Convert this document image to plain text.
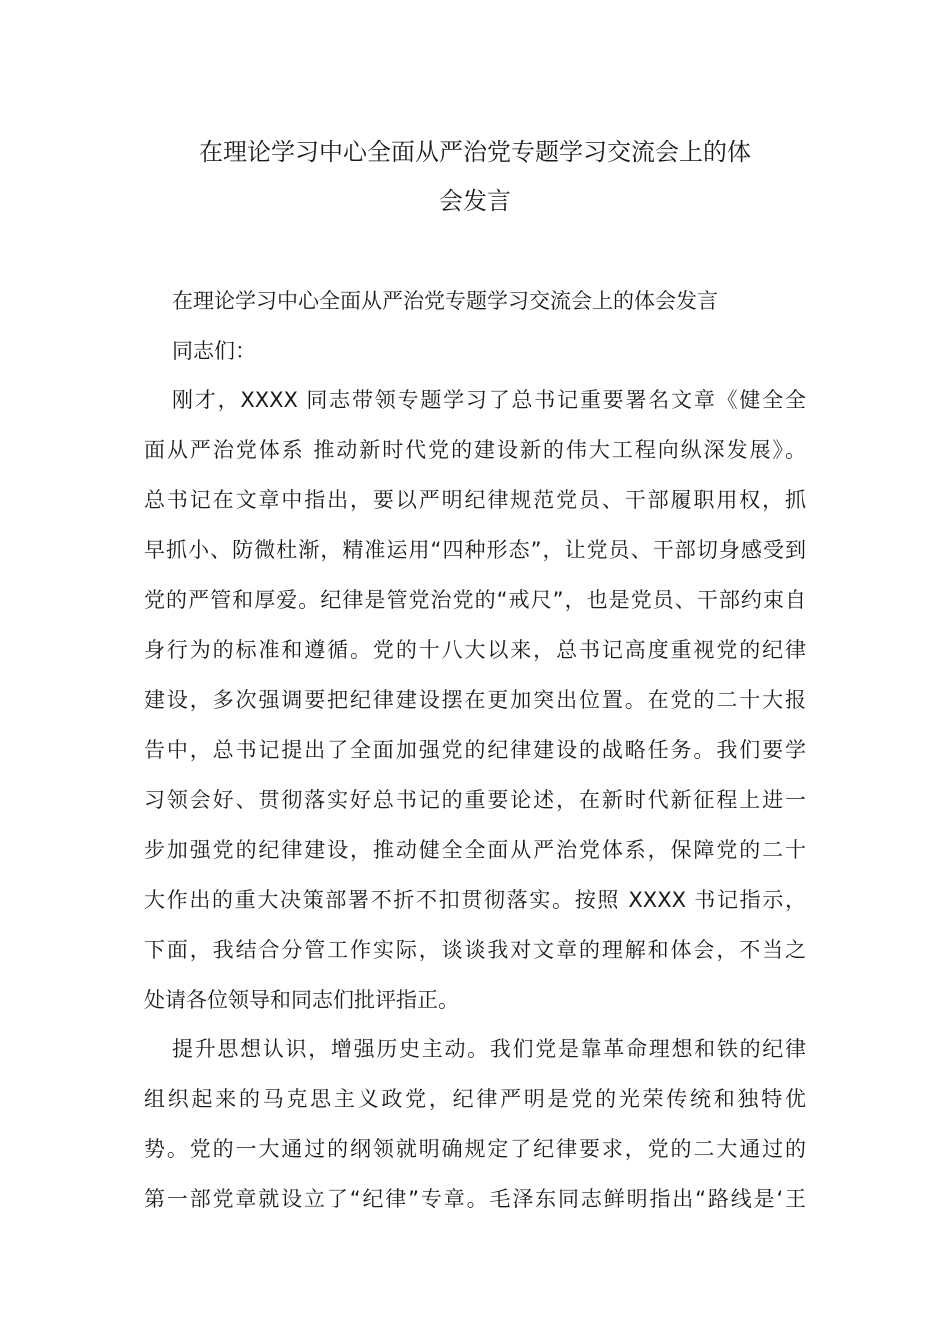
在理论学习中心全面从严治党专题学习交流会上的体
会发言
在理论学习中心全面从严治党专题学习交流会上的体会发言
同志们：
刚才，XXXX 同志带领专题学习了总书记重要署名文章《健全全
面从严治党体系 推动新时代党的建设新的伟大工程向纵深发展》。
总书记在文章中指出，要以严明纪律规范党员、干部履职用权，抓
早抓小、防微杜渐，精准运用“四种形态”，让党员、干部切身感受到
党的严管和厚爱。纪律是管党治党的“戒尺”，也是党员、干部约束自
身行为的标准和遵循。党的十八大以来，总书记高度重视党的纪律
建设，多次强调要把纪律建设摆在更加突出位置。在党的二十大报
告中，总书记提出了全面加强党的纪律建设的战略任务。我们要学
习领会好、贯彻落实好总书记的重要论述，在新时代新征程上进一
步加强党的纪律建设，推动健全全面从严治党体系，保障党的二十
大作出的重大决策部署不折不扣贯彻落实。按照 XXXX 书记指示，
下面，我结合分管工作实际，谈谈我对文章的理解和体会，不当之
处请各位领导和同志们批评指正。
提升思想认识，增强历史主动。我们党是靠革命理想和铁的纪律
组织起来的马克思主义政党，纪律严明是党的光荣传统和独特优
势。党的一大通过的纲领就明确规定了纪律要求，党的二大通过的
第一部党章就设立了“纪律”专章。毛泽东同志鲜明指出“路线是‘王
